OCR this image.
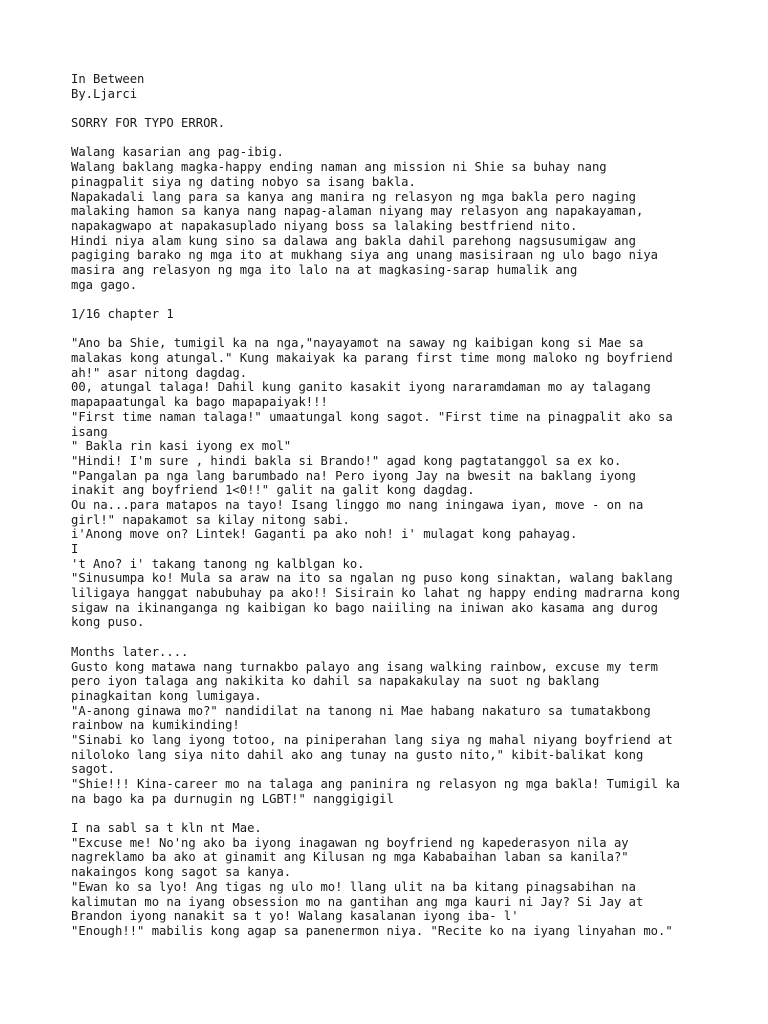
In Between
By.Ljarci
SORRY FOR TYPO ERROR.
Walang kasarian ang pag-ibig.
Walang baklang magka-happy ending naman ang mission ni Shie sa buhay nang
pinagpalit siya ng dating nobyo sa isang bakla.
Napakadali lang para sa kanya ang manira ng relasyon ng mga bakla pero naging
malaking hamon sa kanya nang napag-alaman niyang may relasyon ang napakayaman,
napakagwapo at napakasuplado niyang boss sa lalaking bestfriend nito.
Hindi niya alam kung sino sa dalawa ang bakla dahil parehong nagsusumigaw ang
pagiging barako ng mga ito at mukhang siya ang unang masisiraan ng ulo bago niya
masira ang relasyon ng mga ito lalo na at magkasing-sarap humalik ang
mga gago.
1/16 chapter 1
"Ano ba Shie, tumigil ka na nga,"nayayamot na saway ng kaibigan kong si Mae sa
malakas kong atungal." Kung makaiyak ka parang first time mong maloko ng boyfriend
ah!" asar nitong dagdag.
00, atungal talaga! Dahil kung ganito kasakit iyong nararamdaman mo ay talagang
mapapaatungal ka bago mapapaiyak!!!
"First time naman talaga!" umaatungal kong sagot. "First time na pinagpalit ako sa
isang
" Bakla rin kasi iyong ex mol"
"Hindi! I'm sure , hindi bakla si Brando!" agad kong pagtatanggol sa ex ko.
"Pangalan pa nga lang barumbado na! Pero iyong Jay na bwesit na baklang iyong
inakit ang boyfriend 1<0!!" galit na galit kong dagdag.
Ou na...para matapos na tayo! Isang linggo mo nang iningawa iyan, move - on na
girl!" napakamot sa kilay nitong sabi.
i'Anong move on? Lintek! Gaganti pa ako noh! i' mulagat kong pahayag.
I
't Ano? i' takang tanong ng kalblgan ko.
"Sinusumpa ko! Mula sa araw na ito sa ngalan ng puso kong sinaktan, walang baklang
liligaya hanggat nabubuhay pa ako!! Sisirain ko lahat ng happy ending madrarna kong
sigaw na ikinanganga ng kaibigan ko bago naiiling na iniwan ako kasama ang durog
kong puso.
Months later....
Gusto kong matawa nang turnakbo palayo ang isang walking rainbow, excuse my term
pero iyon talaga ang nakikita ko dahil sa napakakulay na suot ng baklang
pinagkaitan kong lumigaya.
"A-anong ginawa mo?" nandidilat na tanong ni Mae habang nakaturo sa tumatakbong
rainbow na kumikinding!
"Sinabi ko lang iyong totoo, na piniperahan lang siya ng mahal niyang boyfriend at
niloloko lang siya nito dahil ako ang tunay na gusto nito," kibit-balikat kong
sagot.
"Shie!!! Kina-career mo na talaga ang paninira ng relasyon ng mga bakla! Tumigil ka
na bago ka pa durnugin ng LGBT!" nanggigigil
I na sabl sa t kln nt Mae.
"Excuse me! No'ng ako ba iyong inagawan ng boyfriend ng kapederasyon nila ay
nagreklamo ba ako at ginamit ang Kilusan ng mga Kababaihan laban sa kanila?"
nakaingos kong sagot sa kanya.
"Ewan ko sa lyo! Ang tigas ng ulo mo! llang ulit na ba kitang pinagsabihan na
kalimutan mo na iyang obsession mo na gantihan ang mga kauri ni Jay? Si Jay at
Brandon iyong nanakit sa t yo! Walang kasalanan iyong iba- l'
"Enough!!" mabilis kong agap sa panenermon niya. "Recite ko na iyang linyahan mo."
